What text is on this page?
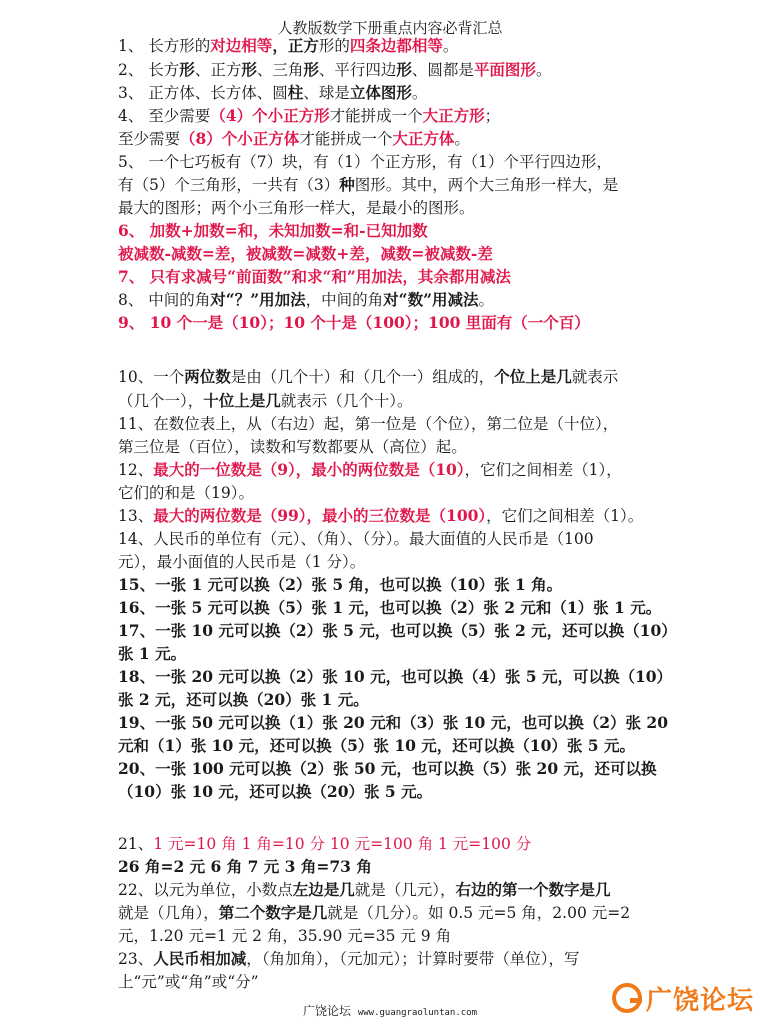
人教版数学下册重点内容必背汇总
1、 长方形的对边相等，正方形的四条边都相等。
2、 长方形、正方形、三角形、平行四边形、圆都是平面图形。
3、 正方体、长方体、圆柱、球是立体图形。
4、 至少需要（4）个小正方形才能拼成一个大正方形；
至少需要（8）个小正方体才能拼成一个大正方体。
5、 一个七巧板有（7）块，有（1）个正方形，有（1）个平行四边形，
有（5）个三角形，一共有（3）种图形。其中，两个大三角形一样大，是
最大的图形；两个小三角形一样大，是最小的图形。
6、 加数+加数=和，未知加数=和-已知加数
被减数-减数=差，被减数=减数+差，减数=被减数-差
7、 只有求减号“前面数”和求“和”用加法，其余都用减法
8、 中间的角对“？”用加法，中间的角对“数”用减法。
9、 10 个一是（10）；10 个十是（100）；100 里面有（一个百）
10、一个两位数是由（几个十）和（几个一）组成的，个位上是几就表示
（几个一），十位上是几就表示（几个十）。
11、在数位表上，从（右边）起，第一位是（个位），第二位是（十位），
第三位是（百位），读数和写数都要从（高位）起。
12、最大的一位数是（9），最小的两位数是（10），它们之间相差（1），
它们的和是（19）。
13、最大的两位数是（99），最小的三位数是（100），它们之间相差（1）。
14、人民币的单位有（元）、（角）、（分）。最大面值的人民币是（100
元），最小面值的人民币是（1 分）。
15、一张 1 元可以换（2）张 5 角，也可以换（10）张 1 角。
16、一张 5 元可以换（5）张 1 元，也可以换（2）张 2 元和（1）张 1 元。
17、一张 10 元可以换（2）张 5 元，也可以换（5）张 2 元，还可以换（10）
张 1 元。
18、一张 20 元可以换（2）张 10 元，也可以换（4）张 5 元，可以换（10）
张 2 元，还可以换（20）张 1 元。
19、一张 50 元可以换（1）张 20 元和（3）张 10 元，也可以换（2）张 20
元和（1）张 10 元，还可以换（5）张 10 元，还可以换（10）张 5 元。
20、一张 100 元可以换（2）张 50 元，也可以换（5）张 20 元，还可以换
（10）张 10 元，还可以换（20）张 5 元。
21、1 元=10 角 1 角=10 分 10 元=100 角 1 元=100 分
26 角=2 元 6 角 7 元 3 角=73 角
22、以元为单位，小数点左边是几就是（几元），右边的第一个数字是几
就是（几角），第二个数字是几就是（几分）。如 0.5 元=5 角，2.00 元=2
元，1.20 元=1 元 2 角，35.90 元=35 元 9 角
23、人民币相加减，（角加角），（元加元）；计算时要带（单位），写
上“元”或“角”或“分”
广饶论坛
广饶论坛 www.guangraoluntan.com
